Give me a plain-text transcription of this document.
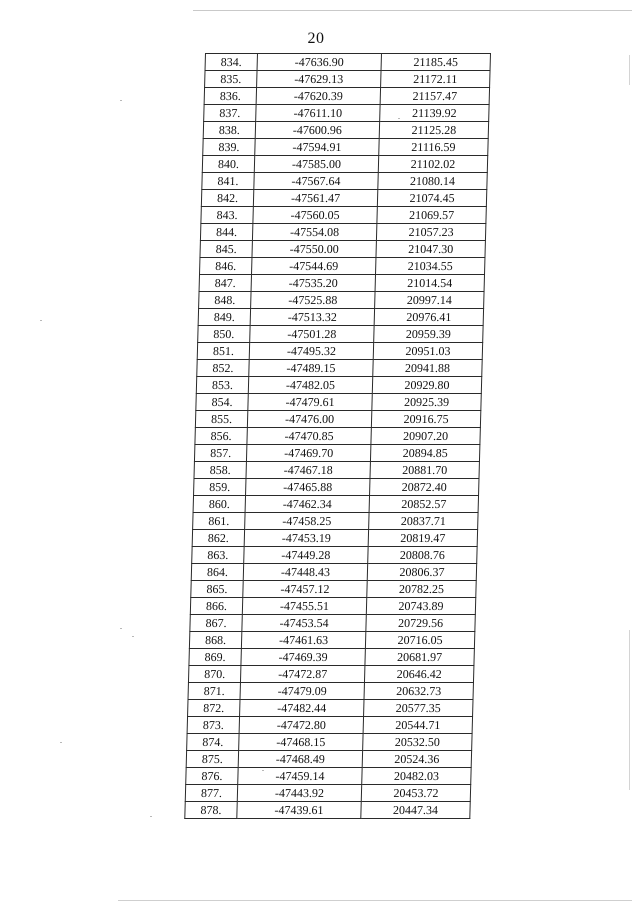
20
834.	-47636.90	21185.45
835.	-47629.13	21172.11
836.	-47620.39	21157.47
837.	-47611.10	21139.92
838.	-47600.96	21125.28
839.	-47594.91	21116.59
840.	-47585.00	21102.02
841.	-47567.64	21080.14
842.	-47561.47	21074.45
843.	-47560.05	21069.57
844.	-47554.08	21057.23
845.	-47550.00	21047.30
846.	-47544.69	21034.55
847.	-47535.20	21014.54
848.	-47525.88	20997.14
849.	-47513.32	20976.41
850.	-47501.28	20959.39
851.	-47495.32	20951.03
852.	-47489.15	20941.88
853.	-47482.05	20929.80
854.	-47479.61	20925.39
855.	-47476.00	20916.75
856.	-47470.85	20907.20
857.	-47469.70	20894.85
858.	-47467.18	20881.70
859.	-47465.88	20872.40
860.	-47462.34	20852.57
861.	-47458.25	20837.71
862.	-47453.19	20819.47
863.	-47449.28	20808.76
864.	-47448.43	20806.37
865.	-47457.12	20782.25
866.	-47455.51	20743.89
867.	-47453.54	20729.56
868.	-47461.63	20716.05
869.	-47469.39	20681.97
870.	-47472.87	20646.42
871.	-47479.09	20632.73
872.	-47482.44	20577.35
873.	-47472.80	20544.71
874.	-47468.15	20532.50
875.	-47468.49	20524.36
876.	-47459.14	20482.03
877.	-47443.92	20453.72
878.	-47439.61	20447.34
